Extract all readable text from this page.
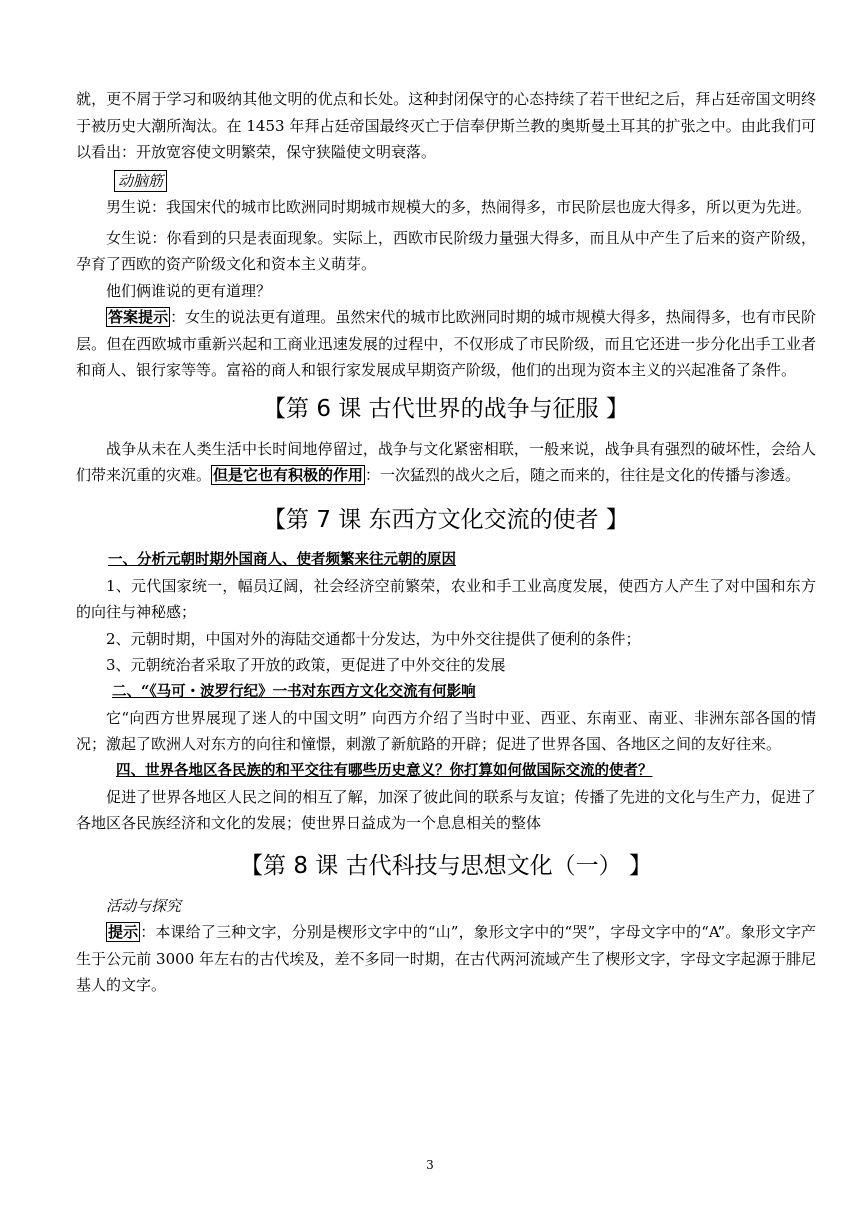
就，更不屑于学习和吸纳其他文明的优点和长处。这种封闭保守的心态持续了若干世纪之后，拜占廷帝国文明终于被历史大潮所淘汰。在 1453 年拜占廷帝国最终灭亡于信奉伊斯兰教的奥斯曼土耳其的扩张之中。由此我们可以看出：开放宽容使文明繁荣，保守狭隘使文明衰落。

动脑筋

男生说：我国宋代的城市比欧洲同时期城市规模大的多，热闹得多，市民阶层也庞大得多，所以更为先进。

女生说：你看到的只是表面现象。实际上，西欧市民阶级力量强大得多，而且从中产生了后来的资产阶级，孕育了西欧的资产阶级文化和资本主义萌芽。

他们俩谁说的更有道理？

答案提示 ：女生的说法更有道理。虽然宋代的城市比欧洲同时期的城市规模大得多，热闹得多，也有市民阶层。但在西欧城市重新兴起和工商业迅速发展的过程中，不仅形成了市民阶级，而且它还进一步分化出手工业者和商人、银行家等等。富裕的商人和银行家发展成早期资产阶级，他们的出现为资本主义的兴起准备了条件。

【第 6 课 古代世界的战争与征服 】

战争从未在人类生活中长时间地停留过，战争与文化紧密相联，一般来说，战争具有强烈的破坏性，会给人们带来沉重的灾难。 但是它也有积极的作用 ：一次猛烈的战火之后，随之而来的，往往是文化的传播与渗透。

【第 7 课 东西方文化交流的使者 】

一、分析元朝时期外国商人、使者频繁来往元朝的原因

1、元代国家统一，幅员辽阔，社会经济空前繁荣，农业和手工业高度发展，使西方人产生了对中国和东方的向往与神秘感；

2、元朝时期，中国对外的海陆交通都十分发达，为中外交往提供了便利的条件；

3、元朝统治者采取了开放的政策，更促进了中外交往的发展

二、“《马可・波罗行纪》一书对东西方文化交流有何影响

它“向西方世界展现了迷人的中国文明” 向西方介绍了当时中亚、西亚、东南亚、南亚、非洲东部各国的情况；激起了欧洲人对东方的向往和憧憬，刺激了新航路的开辟；促进了世界各国、各地区之间的友好往来。

四、世界各地区各民族的和平交往有哪些历史意义？你打算如何做国际交流的使者？

促进了世界各地区人民之间的相互了解，加深了彼此间的联系与友谊；传播了先进的文化与生产力，促进了各地区各民族经济和文化的发展；使世界日益成为一个息息相关的整体

【第 8 课 古代科技与思想文化（一） 】

活动与探究

提示 ：本课给了三种文字，分别是楔形文字中的“山”，象形文字中的“哭”，字母文字中的“A”。象形文字产生于公元前 3000 年左右的古代埃及，差不多同一时期，在古代两河流域产生了楔形文字，字母文字起源于腓尼基人的文字。

3
